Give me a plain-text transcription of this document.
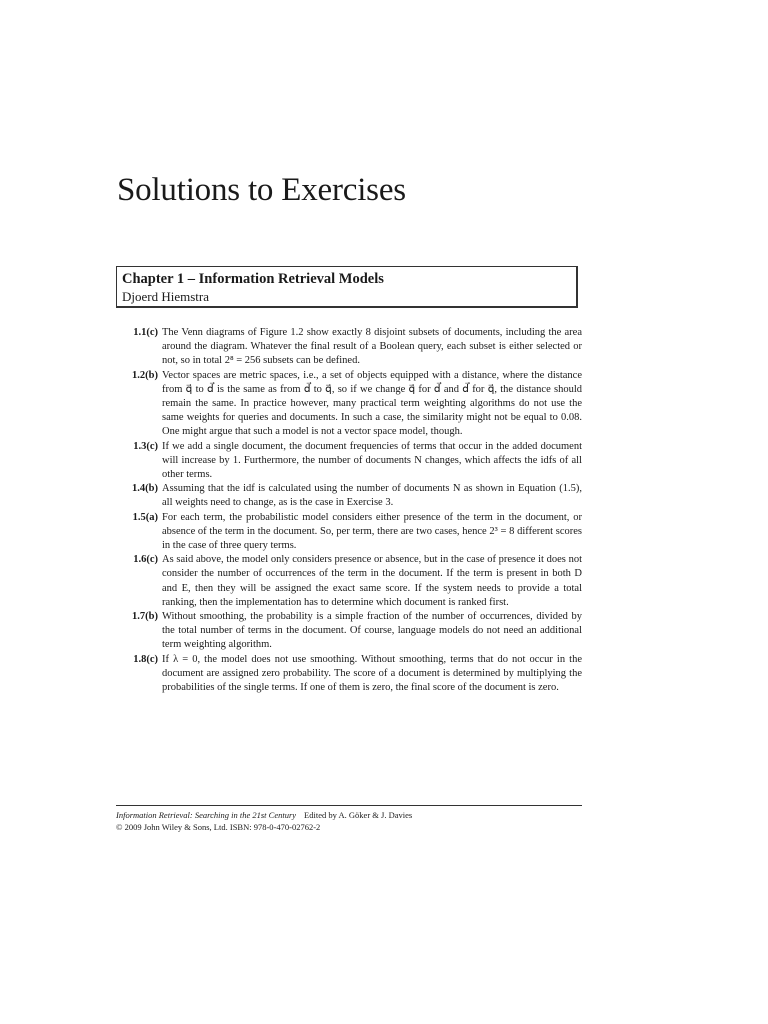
Solutions to Exercises
Chapter 1 – Information Retrieval Models
Djoerd Hiemstra
1.1(c) The Venn diagrams of Figure 1.2 show exactly 8 disjoint subsets of documents, including the area around the diagram. Whatever the final result of a Boolean query, each subset is either selected or not, so in total 2⁸ = 256 subsets can be defined.
1.2(b) Vector spaces are metric spaces, i.e., a set of objects equipped with a distance, where the distance from q⃗ to d⃗ is the same as from d⃗ to q⃗, so if we change q⃗ for d⃗ and d⃗ for q⃗, the distance should remain the same. In practice however, many practical term weighting algorithms do not use the same weights for queries and documents. In such a case, the similarity might not be equal to 0.08. One might argue that such a model is not a vector space model, though.
1.3(c) If we add a single document, the document frequencies of terms that occur in the added document will increase by 1. Furthermore, the number of documents N changes, which affects the idfs of all other terms.
1.4(b) Assuming that the idf is calculated using the number of documents N as shown in Equation (1.5), all weights need to change, as is the case in Exercise 3.
1.5(a) For each term, the probabilistic model considers either presence of the term in the document, or absence of the term in the document. So, per term, there are two cases, hence 2³ = 8 different scores in the case of three query terms.
1.6(c) As said above, the model only considers presence or absence, but in the case of presence it does not consider the number of occurrences of the term in the document. If the term is present in both D and E, then they will be assigned the exact same score. If the system needs to provide a total ranking, then the implementation has to determine which document is ranked first.
1.7(b) Without smoothing, the probability is a simple fraction of the number of occurrences, divided by the total number of terms in the document. Of course, language models do not need an additional term weighting algorithm.
1.8(c) If λ = 0, the model does not use smoothing. Without smoothing, terms that do not occur in the document are assigned zero probability. The score of a document is determined by multiplying the probabilities of the single terms. If one of them is zero, the final score of the document is zero.
Information Retrieval: Searching in the 21st Century Edited by A. Göker & J. Davies
© 2009 John Wiley & Sons, Ltd. ISBN: 978-0-470-02762-2
